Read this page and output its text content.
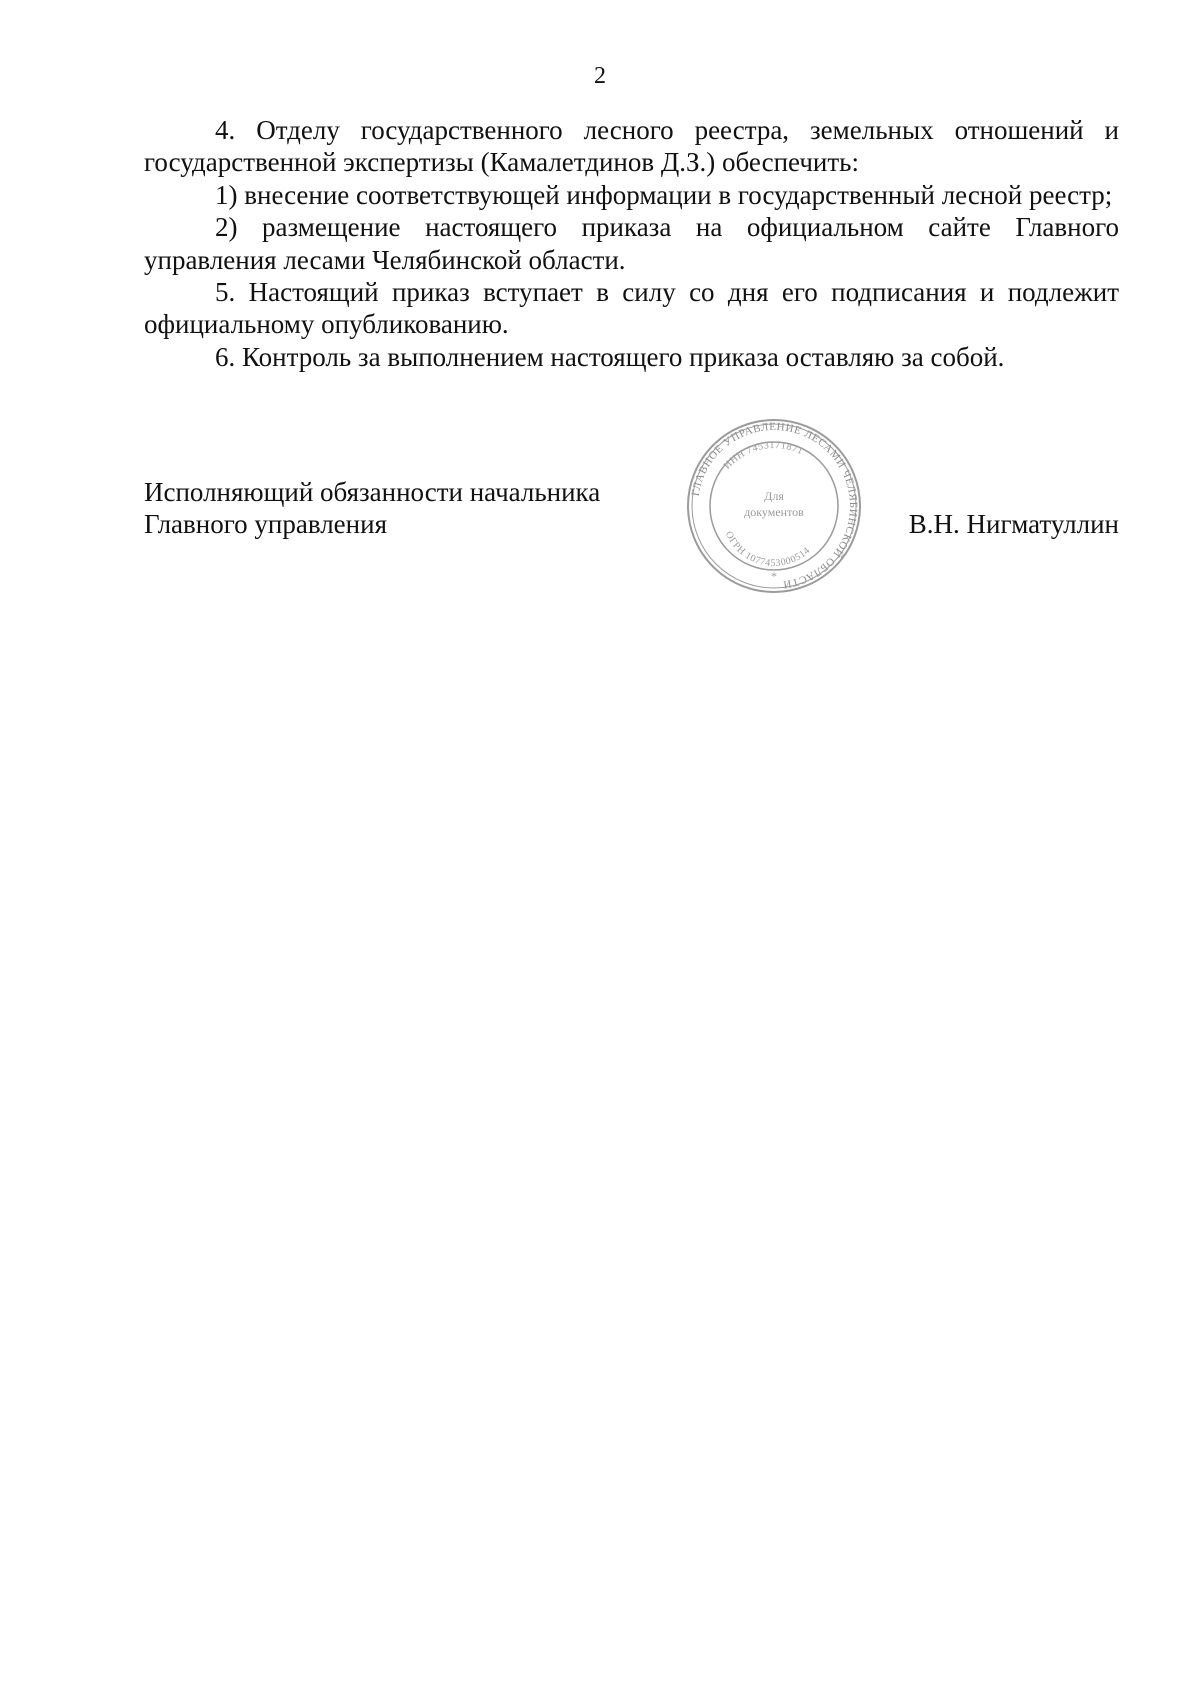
2

4. Отделу государственного лесного реестра, земельных отношений и государственной экспертизы (Камалетдинов Д.З.) обеспечить:

1) внесение соответствующей информации в государственный лесной реестр;

2) размещение настоящего приказа на официальном сайте Главного управления лесами Челябинской области.

5. Настоящий приказ вступает в силу со дня его подписания и подлежит официальному опубликованию.

6. Контроль за выполнением настоящего приказа оставляю за собой.

Исполняющий обязанности начальника
Главного управления
ГЛАВНОЕ УПРАВЛЕНИЕ ЛЕСАМИ ЧЕЛЯБИНСКОЙ ОБЛАСТИ
ИНН 7453171871
ОГРН 1077453000514
Для
документов
*
В.Н. Нигматуллин
